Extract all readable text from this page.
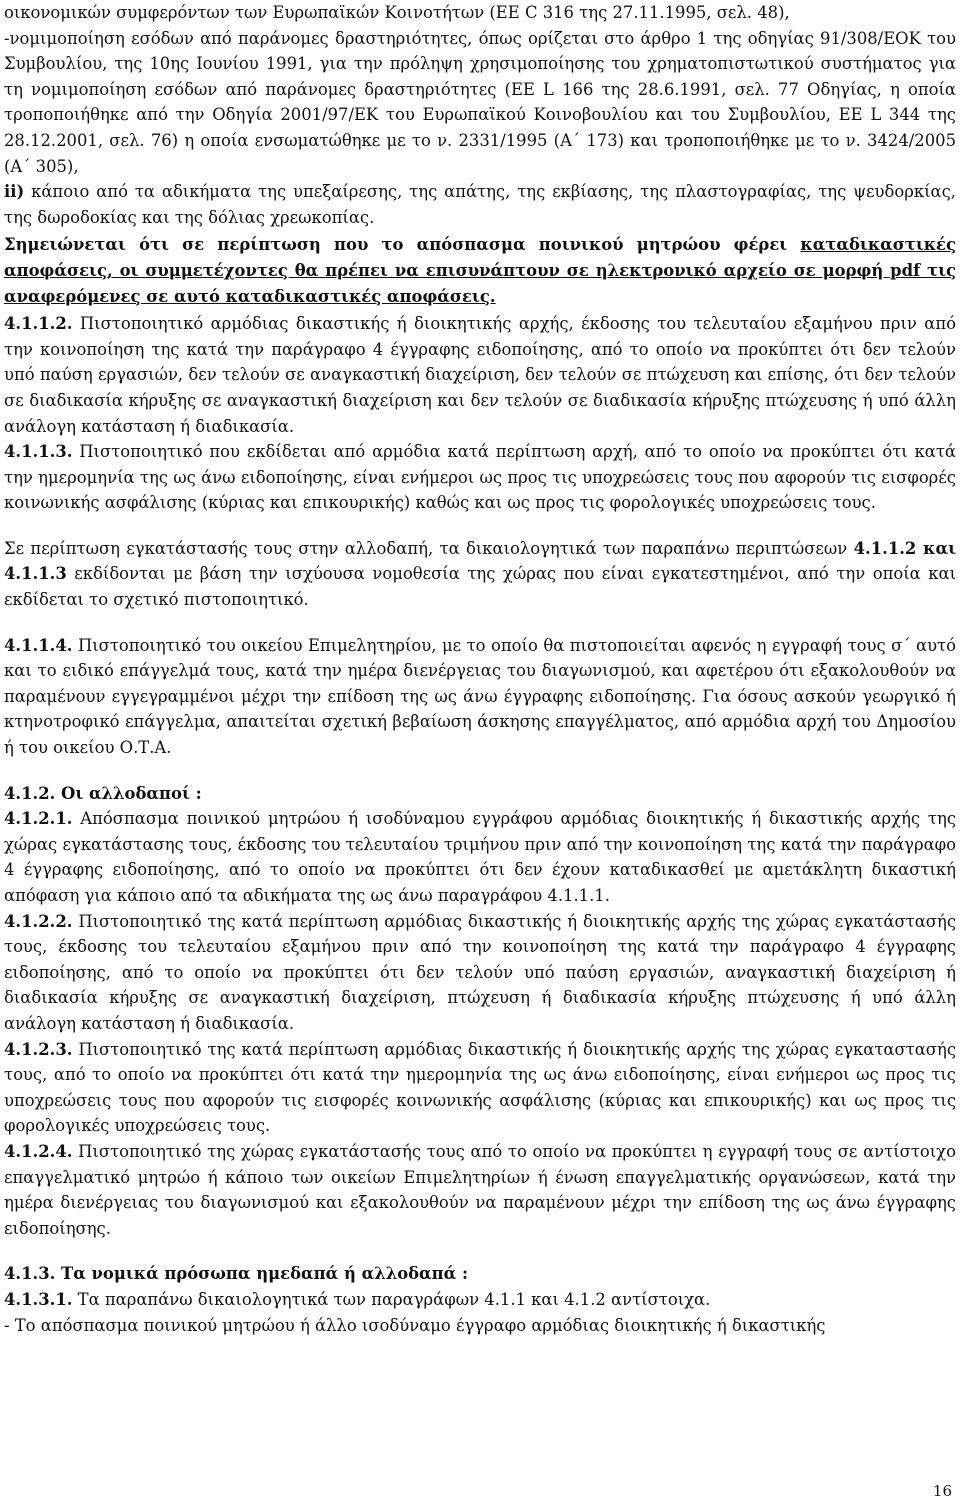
οικονομικών συμφερόντων των Ευρωπαϊκών Κοινοτήτων (ΕΕ C 316 της 27.11.1995, σελ. 48),

-νομιμοποίηση εσόδων από παράνομες δραστηριότητες, όπως ορίζεται στο άρθρο 1 της οδηγίας 91/308/ΕΟΚ του Συμβουλίου, της 10ης Ιουνίου 1991, για την πρόληψη χρησιμοποίησης του χρηματοπιστωτικού συστήματος για τη νομιμοποίηση εσόδων από παράνομες δραστηριότητες (ΕΕ L 166 της 28.6.1991, σελ. 77 Οδηγίας, η οποία τροποποιήθηκε από την Οδηγία 2001/97/ΕΚ του Ευρωπαϊκού Κοινοβουλίου και του Συμβουλίου, ΕΕ L 344 της 28.12.2001, σελ. 76) η οποία ενσωματώθηκε με το ν. 2331/1995 (Α΄ 173) και τροποποιήθηκε με το ν. 3424/2005 (Α΄ 305),

ii) κάποιο από τα αδικήματα της υπεξαίρεσης, της απάτης, της εκβίασης, της πλαστογραφίας, της ψευδορκίας, της δωροδοκίας και της δόλιας χρεωκοπίας.

Σημειώνεται ότι σε περίπτωση που το απόσπασμα ποινικού μητρώου φέρει καταδικαστικές αποφάσεις, οι συμμετέχοντες θα πρέπει να επισυνάπτουν σε ηλεκτρονικό αρχείο σε μορφή pdf τις αναφερόμενες σε αυτό καταδικαστικές αποφάσεις.

4.1.1.2. Πιστοποιητικό αρμόδιας δικαστικής ή διοικητικής αρχής, έκδοσης του τελευταίου εξαμήνου πριν από την κοινοποίηση της κατά την παράγραφο 4 έγγραφης ειδοποίησης, από το οποίο να προκύπτει ότι δεν τελούν υπό παύση εργασιών, δεν τελούν σε αναγκαστική διαχείριση, δεν τελούν σε πτώχευση και επίσης, ότι δεν τελούν σε διαδικασία κήρυξης σε αναγκαστική διαχείριση και δεν τελούν σε διαδικασία κήρυξης πτώχευσης ή υπό άλλη ανάλογη κατάσταση ή διαδικασία.

4.1.1.3. Πιστοποιητικό που εκδίδεται από αρμόδια κατά περίπτωση αρχή, από το οποίο να προκύπτει ότι κατά την ημερομηνία της ως άνω ειδοποίησης, είναι ενήμεροι ως προς τις υποχρεώσεις τους που αφορούν τις εισφορές κοινωνικής ασφάλισης (κύριας και επικουρικής) καθώς και ως προς τις φορολογικές υποχρεώσεις τους.

Σε περίπτωση εγκατάστασής τους στην αλλοδαπή, τα δικαιολογητικά των παραπάνω περιπτώσεων 4.1.1.2 και 4.1.1.3 εκδίδονται με βάση την ισχύουσα νομοθεσία της χώρας που είναι εγκατεστημένοι, από την οποία και εκδίδεται το σχετικό πιστοποιητικό.

4.1.1.4. Πιστοποιητικό του οικείου Επιμελητηρίου, με το οποίο θα πιστοποιείται αφενός η εγγραφή τους σ΄ αυτό και το ειδικό επάγγελμά τους, κατά την ημέρα διενέργειας του διαγωνισμού, και αφετέρου ότι εξακολουθούν να παραμένουν εγγεγραμμένοι μέχρι την επίδοση της ως άνω έγγραφης ειδοποίησης. Για όσους ασκούν γεωργικό ή κτηνοτροφικό επάγγελμα, απαιτείται σχετική βεβαίωση άσκησης επαγγέλματος, από αρμόδια αρχή του Δημοσίου ή του οικείου Ο.Τ.Α.

4.1.2. Οι αλλοδαποί :

4.1.2.1. Απόσπασμα ποινικού μητρώου ή ισοδύναμου εγγράφου αρμόδιας διοικητικής ή δικαστικής αρχής της χώρας εγκατάστασης τους, έκδοσης του τελευταίου τριμήνου πριν από την κοινοποίηση της κατά την παράγραφο 4 έγγραφης ειδοποίησης, από το οποίο να προκύπτει ότι δεν έχουν καταδικασθεί με αμετάκλητη δικαστική απόφαση για κάποιο από τα αδικήματα της ως άνω παραγράφου 4.1.1.1.

4.1.2.2. Πιστοποιητικό της κατά περίπτωση αρμόδιας δικαστικής ή διοικητικής αρχής της χώρας εγκατάστασής τους, έκδοσης του τελευταίου εξαμήνου πριν από την κοινοποίηση της κατά την παράγραφο 4 έγγραφης ειδοποίησης, από το οποίο να προκύπτει ότι δεν τελούν υπό παύση εργασιών, αναγκαστική διαχείριση ή διαδικασία κήρυξης σε αναγκαστική διαχείριση, πτώχευση ή διαδικασία κήρυξης πτώχευσης ή υπό άλλη ανάλογη κατάσταση ή διαδικασία.

4.1.2.3. Πιστοποιητικό της κατά περίπτωση αρμόδιας δικαστικής ή διοικητικής αρχής της χώρας εγκαταστασής τους, από το οποίο να προκύπτει ότι κατά την ημερομηνία της ως άνω ειδοποίησης, είναι ενήμεροι ως προς τις υποχρεώσεις τους που αφορούν τις εισφορές κοινωνικής ασφάλισης (κύριας και επικουρικής) και ως προς τις φορολογικές υποχρεώσεις τους.

4.1.2.4. Πιστοποιητικό της χώρας εγκατάστασής τους από το οποίο να προκύπτει η εγγραφή τους σε αντίστοιχο επαγγελματικό μητρώο ή κάποιο των οικείων Επιμελητηρίων ή ένωση επαγγελματικής οργανώσεων, κατά την ημέρα διενέργειας του διαγωνισμού και εξακολουθούν να παραμένουν μέχρι την επίδοση της ως άνω έγγραφης ειδοποίησης.

4.1.3. Τα νομικά πρόσωπα ημεδαπά ή αλλοδαπά :

4.1.3.1. Τα παραπάνω δικαιολογητικά των παραγράφων 4.1.1 και 4.1.2 αντίστοιχα.

- Το απόσπασμα ποινικού μητρώου ή άλλο ισοδύναμο έγγραφο αρμόδιας διοικητικής ή δικαστικής

16
